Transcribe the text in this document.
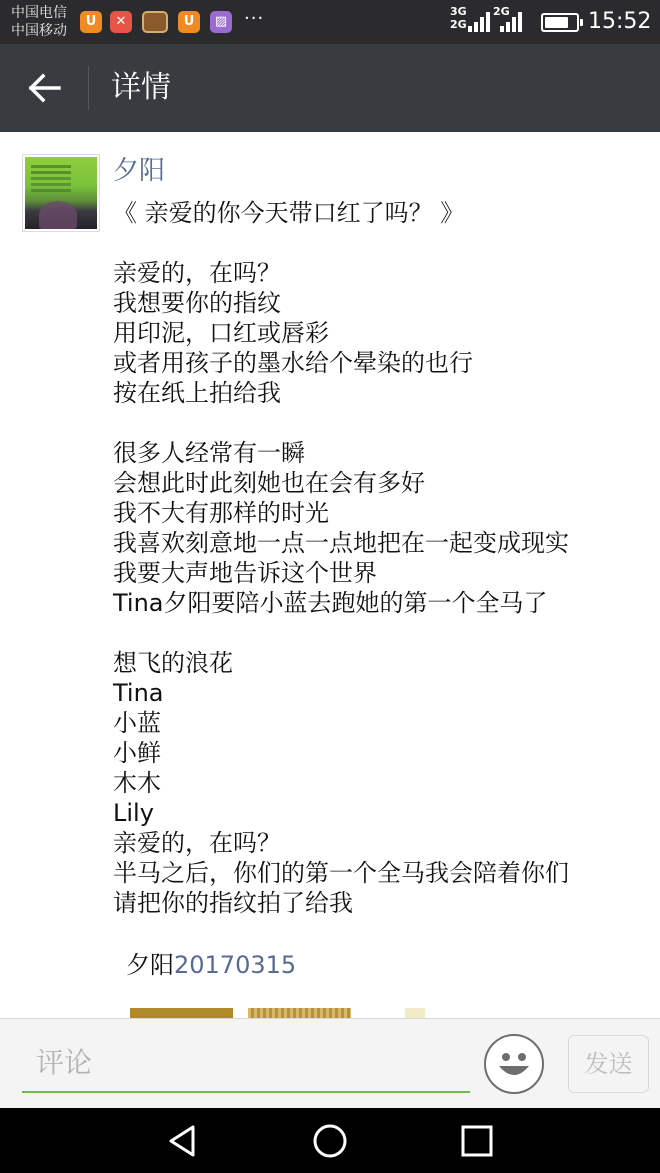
中国电信
中国移动
U	✕	U	▨ ···	3G
2G
2G	15:52
详情
夕阳
《 亲爱的你今天带口红了吗？ 》
亲爱的，在吗？
我想要你的指纹
用印泥，口红或唇彩
或者用孩子的墨水给个晕染的也行
按在纸上拍给我
很多人经常有一瞬
会想此时此刻她也在会有多好
我不大有那样的时光
我喜欢刻意地一点一点地把在一起变成现实
我要大声地告诉这个世界
Tina夕阳要陪小蓝去跑她的第一个全马了
想飞的浪花
Tina
小蓝
小鲜
木木
Lily
亲爱的，在吗？
半马之后，你们的第一个全马我会陪着你们
请把你的指纹拍了给我
夕阳20170315
评论
发送
